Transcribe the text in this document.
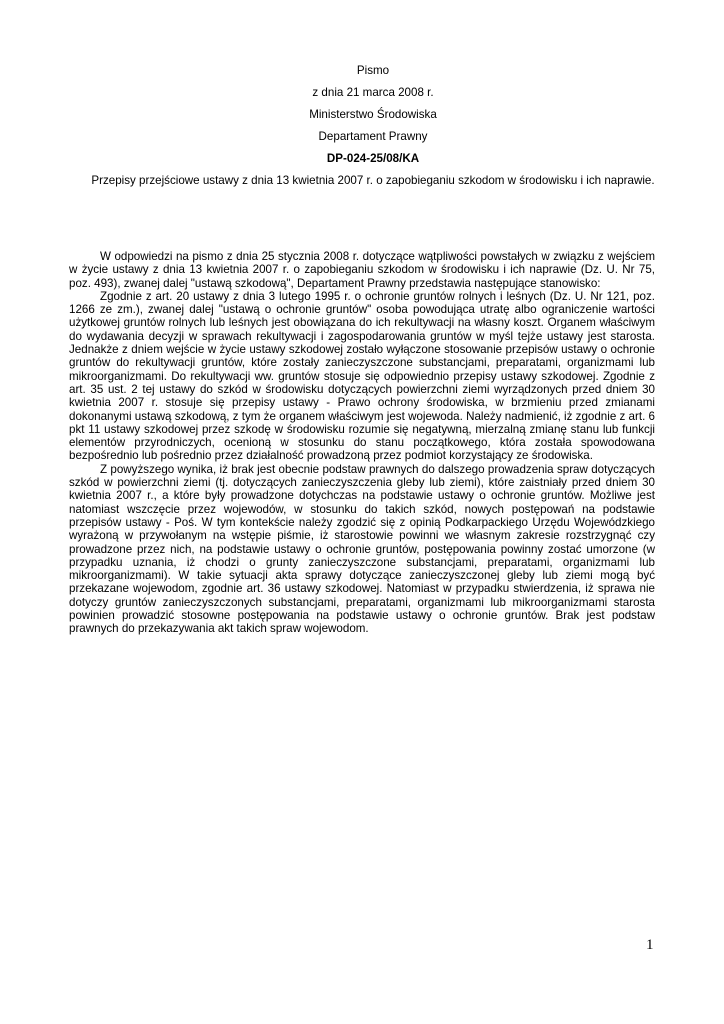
Pismo
z dnia 21 marca 2008 r.
Ministerstwo Środowiska
Departament Prawny
DP-024-25/08/KA
Przepisy przejściowe ustawy z dnia 13 kwietnia 2007 r. o zapobieganiu szkodom w środowisku i ich naprawie.

W odpowiedzi na pismo z dnia 25 stycznia 2008 r. dotyczące wątpliwości powstałych w związku z wejściem w życie ustawy z dnia 13 kwietnia 2007 r. o zapobieganiu szkodom w środowisku i ich naprawie (Dz. U. Nr 75, poz. 493), zwanej dalej "ustawą szkodową", Departament Prawny przedstawia następujące stanowisko:

Zgodnie z art. 20 ustawy z dnia 3 lutego 1995 r. o ochronie gruntów rolnych i leśnych (Dz. U. Nr 121, poz. 1266 ze zm.), zwanej dalej "ustawą o ochronie gruntów" osoba powodująca utratę albo ograniczenie wartości użytkowej gruntów rolnych lub leśnych jest obowiązana do ich rekultywacji na własny koszt. Organem właściwym do wydawania decyzji w sprawach rekultywacji i zagospodarowania gruntów w myśl tejże ustawy jest starosta. Jednakże z dniem wejście w życie ustawy szkodowej zostało wyłączone stosowanie przepisów ustawy o ochronie gruntów do rekultywacji gruntów, które zostały zanieczyszczone substancjami, preparatami, organizmami lub mikroorganizmami. Do rekultywacji ww. gruntów stosuje się odpowiednio przepisy ustawy szkodowej. Zgodnie z art. 35 ust. 2 tej ustawy do szkód w środowisku dotyczących powierzchni ziemi wyrządzonych przed dniem 30 kwietnia 2007 r. stosuje się przepisy ustawy - Prawo ochrony środowiska, w brzmieniu przed zmianami dokonanymi ustawą szkodową, z tym że organem właściwym jest wojewoda. Należy nadmienić, iż zgodnie z art. 6 pkt 11 ustawy szkodowej przez szkodę w środowisku rozumie się negatywną, mierzalną zmianę stanu lub funkcji elementów przyrodniczych, ocenioną w stosunku do stanu początkowego, która została spowodowana bezpośrednio lub pośrednio przez działalność prowadzoną przez podmiot korzystający ze środowiska.

Z powyższego wynika, iż brak jest obecnie podstaw prawnych do dalszego prowadzenia spraw dotyczących szkód w powierzchni ziemi (tj. dotyczących zanieczyszczenia gleby lub ziemi), które zaistniały przed dniem 30 kwietnia 2007 r., a które były prowadzone dotychczas na podstawie ustawy o ochronie gruntów. Możliwe jest natomiast wszczęcie przez wojewodów, w stosunku do takich szkód, nowych postępowań na podstawie przepisów ustawy - Poś. W tym kontekście należy zgodzić się z opinią Podkarpackiego Urzędu Wojewódzkiego wyrażoną w przywołanym na wstępie piśmie, iż starostowie powinni we własnym zakresie rozstrzygnąć czy prowadzone przez nich, na podstawie ustawy o ochronie gruntów, postępowania powinny zostać umorzone (w przypadku uznania, iż chodzi o grunty zanieczyszczone substancjami, preparatami, organizmami lub mikroorganizmami). W takie sytuacji akta sprawy dotyczące zanieczyszczonej gleby lub ziemi mogą być przekazane wojewodom, zgodnie art. 36 ustawy szkodowej. Natomiast w przypadku stwierdzenia, iż sprawa nie dotyczy gruntów zanieczyszczonych substancjami, preparatami, organizmami lub mikroorganizmami starosta powinien prowadzić stosowne postępowania na podstawie ustawy o ochronie gruntów. Brak jest podstaw prawnych do przekazywania akt takich spraw wojewodom.

1
